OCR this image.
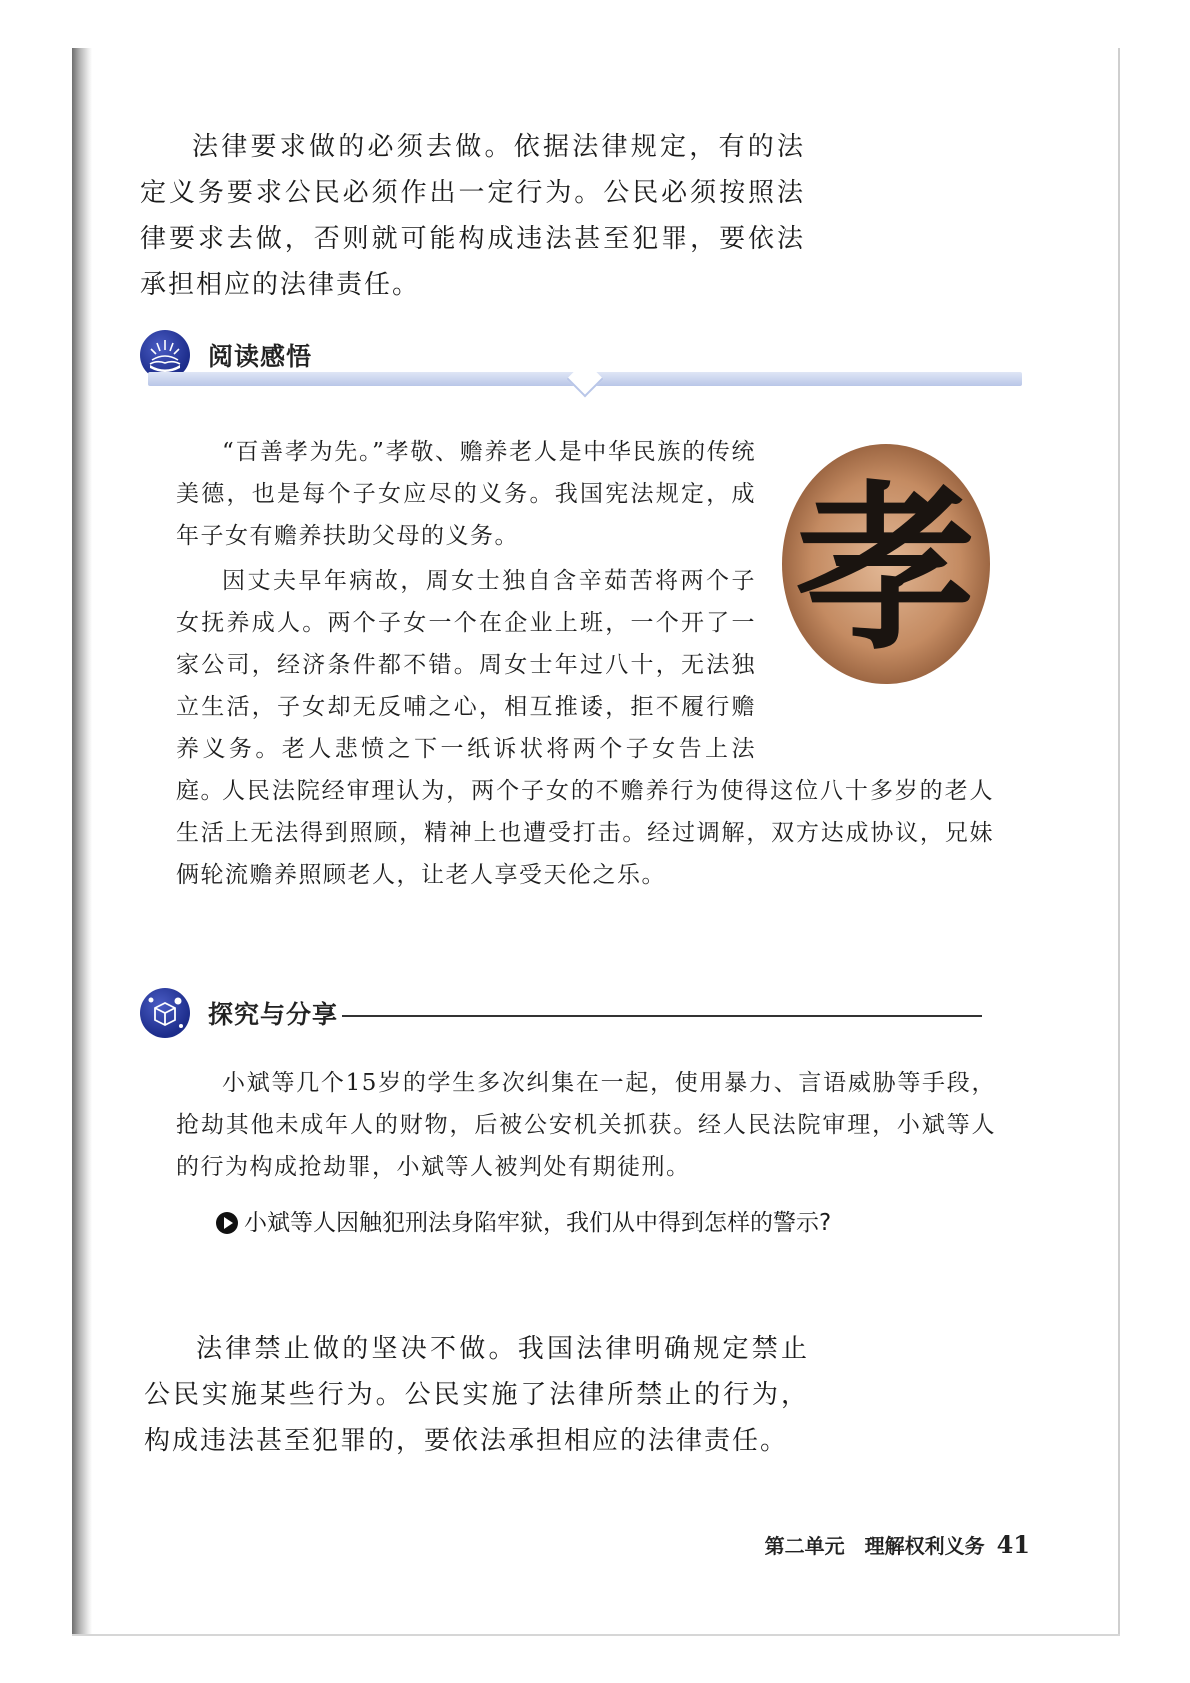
法律要求做的必须去做。依据法律规定，有的法定义务要求公民必须作出一定行为。公民必须按照法律要求去做，否则就可能构成违法甚至犯罪，要依法承担相应的法律责任。

阅读感悟

“百善孝为先。”孝敬、赡养老人是中华民族的传统美德，也是每个子女应尽的义务。我国宪法规定，成年子女有赡养扶助父母的义务。

因丈夫早年病故，周女士独自含辛茹苦将两个子女抚养成人。两个子女一个在企业上班，一个开了一家公司，经济条件都不错。周女士年过八十，无法独立生活，子女却无反哺之心，相互推诿，拒不履行赡养义务。老人悲愤之下一纸诉状将两个子女告上法庭。

人民法院经审理认为，两个子女的不赡养行为使得这位八十多岁的老人生活上无法得到照顾，精神上也遭受打击。经过调解，双方达成协议，兄妹俩轮流赡养照顾老人，让老人享受天伦之乐。

孝
探究与分享

小斌等几个15岁的学生多次纠集在一起，使用暴力、言语威胁等手段，抢劫其他未成年人的财物，后被公安机关抓获。经人民法院审理，小斌等人的行为构成抢劫罪，小斌等人被判处有期徒刑。

小斌等人因触犯刑法身陷牢狱，我们从中得到怎样的警示?

法律禁止做的坚决不做。我国法律明确规定禁止公民实施某些行为。公民实施了法律所禁止的行为，构成违法甚至犯罪的，要依法承担相应的法律责任。

第二单元　理解权利义务 41
